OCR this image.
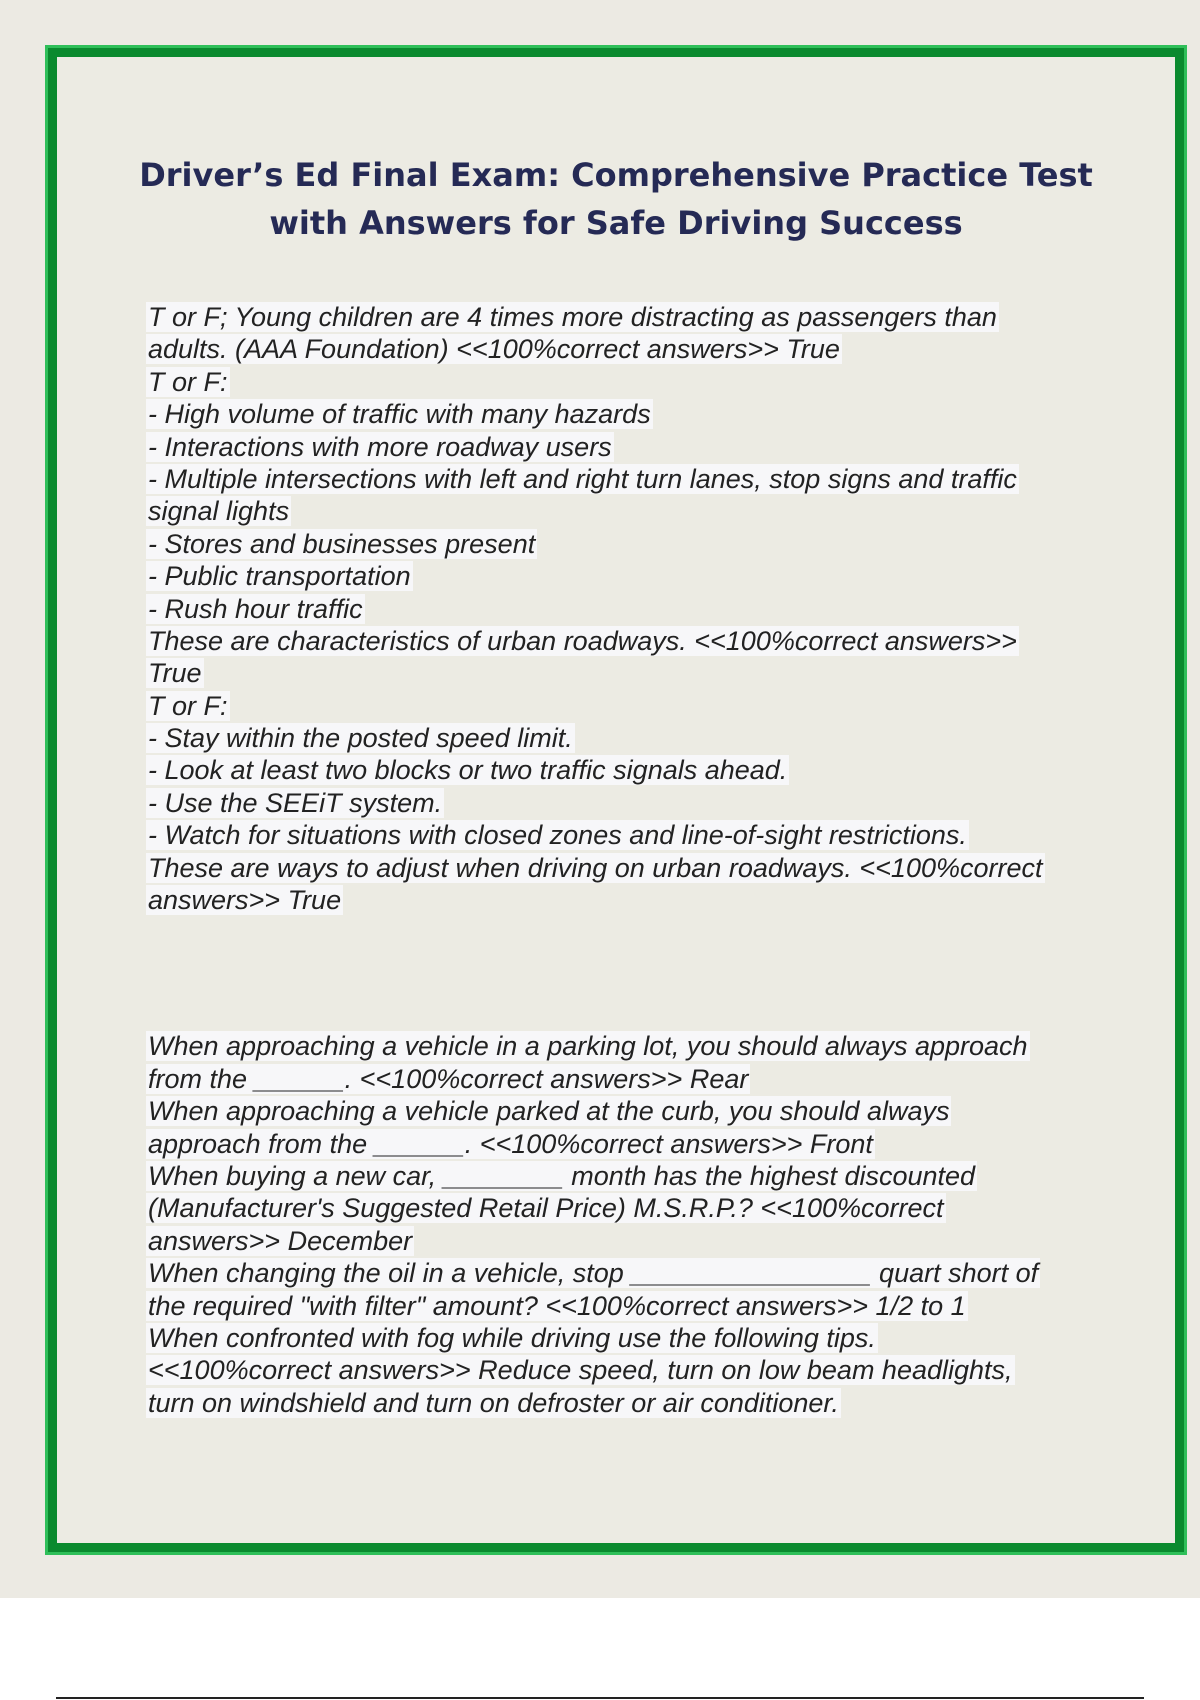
Driver’s Ed Final Exam: Comprehensive Practice Test
with Answers for Safe Driving Success
T or F; Young children are 4 times more distracting as passengers than
adults. (AAA Foundation) <<100%correct answers>> True
T or F:
- High volume of traffic with many hazards
- Interactions with more roadway users
- Multiple intersections with left and right turn lanes, stop signs and traffic
signal lights
- Stores and businesses present
- Public transportation
- Rush hour traffic
These are characteristics of urban roadways. <<100%correct answers>>
True
T or F:
- Stay within the posted speed limit.
- Look at least two blocks or two traffic signals ahead.
- Use the SEEiT system.
- Watch for situations with closed zones and line-of-sight restrictions.
These are ways to adjust when driving on urban roadways. <<100%correct
answers>> True
When approaching a vehicle in a parking lot, you should always approach
from the ______. <<100%correct answers>> Rear
When approaching a vehicle parked at the curb, you should always
approach from the ______. <<100%correct answers>> Front
When buying a new car, ________ month has the highest discounted
(Manufacturer's Suggested Retail Price) M.S.R.P.? <<100%correct
answers>> December
When changing the oil in a vehicle, stop ________________ quart short of
the required "with filter" amount? <<100%correct answers>> 1/2 to 1
When confronted with fog while driving use the following tips.
<<100%correct answers>> Reduce speed, turn on low beam headlights,
turn on windshield and turn on defroster or air conditioner.
